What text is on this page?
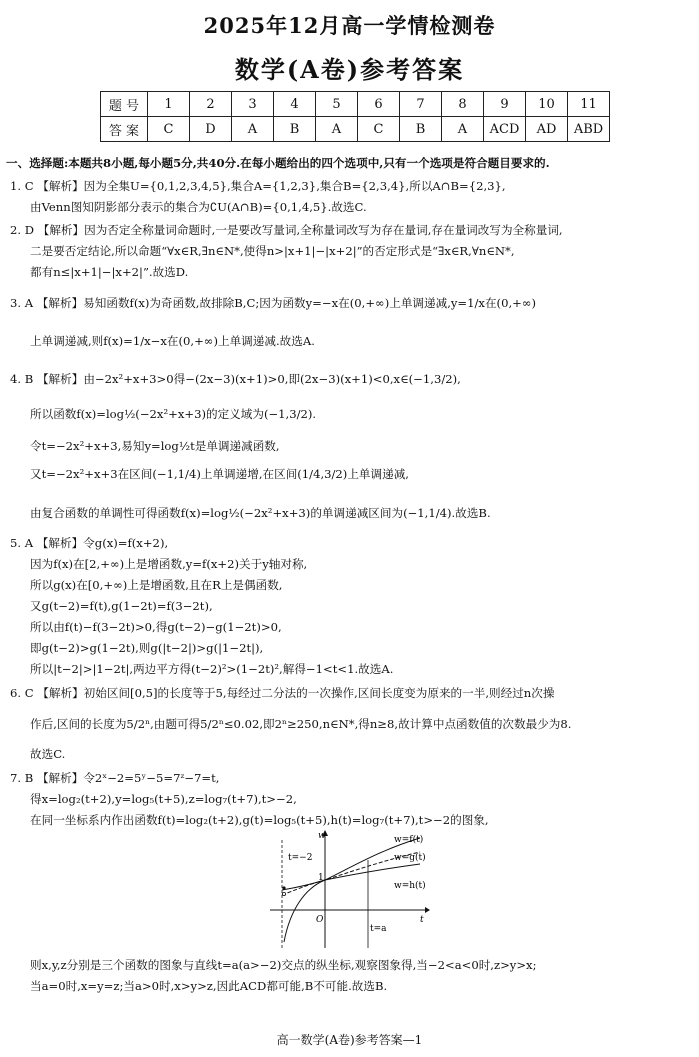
2025年12月高一学情检测卷
数学(A卷)参考答案
题 号	1	2	3	4	5	6	7	8	9	10	11
答 案	C	D	A	B	A	C	B	A	ACD	AD	ABD
一、选择题:本题共8小题,每小题5分,共40分.在每小题给出的四个选项中,只有一个选项是符合题目要求的.
1. C 【解析】因为全集U={0,1,2,3,4,5},集合A={1,2,3},集合B={2,3,4},所以A∩B={2,3},
由Venn图知阴影部分表示的集合为∁U(A∩B)={0,1,4,5}.故选C.
2. D 【解析】因为否定全称量词命题时,一是要改写量词,全称量词改写为存在量词,存在量词改写为全称量词,
二是要否定结论,所以命题“∀x∈R,∃n∈N*,使得n>|x+1|−|x+2|”的否定形式是“∃x∈R,∀n∈N*,
都有n≤|x+1|−|x+2|”.故选D.
3. A 【解析】易知函数f(x)为奇函数,故排除B,C;因为函数y=−x在(0,+∞)上单调递减,y=1/x在(0,+∞)
上单调递减,则f(x)=1/x−x在(0,+∞)上单调递减.故选A.
4. B 【解析】由−2x²+x+3>0得−(2x−3)(x+1)>0,即(2x−3)(x+1)<0,x∈(−1,3/2),
所以函数f(x)=log½(−2x²+x+3)的定义域为(−1,3/2).
令t=−2x²+x+3,易知y=log½t是单调递减函数,
又t=−2x²+x+3在区间(−1,1/4)上单调递增,在区间(1/4,3/2)上单调递减,
由复合函数的单调性可得函数f(x)=log½(−2x²+x+3)的单调递减区间为(−1,1/4).故选B.
5. A 【解析】令g(x)=f(x+2),
因为f(x)在[2,+∞)上是增函数,y=f(x+2)关于y轴对称,
所以g(x)在[0,+∞)上是增函数,且在R上是偶函数,
又g(t−2)=f(t),g(1−2t)=f(3−2t),
所以由f(t)−f(3−2t)>0,得g(t−2)−g(1−2t)>0,
即g(t−2)>g(1−2t),则g(|t−2|)>g(|1−2t|),
所以|t−2|>|1−2t|,两边平方得(t−2)²>(1−2t)²,解得−1<t<1.故选A.
6. C 【解析】初始区间[0,5]的长度等于5,每经过二分法的一次操作,区间长度变为原来的一半,则经过n次操
作后,区间的长度为5/2ⁿ,由题可得5/2ⁿ≤0.02,即2ⁿ≥250,n∈N*,得n≥8,故计算中点函数值的次数最少为8.
故选C.
7. B 【解析】令2ˣ−2=5ʸ−5=7ᶻ−7=t,
得x=log₂(t+2),y=log₅(t+5),z=log₇(t+7),t>−2,
在同一坐标系内作出函数f(t)=log₂(t+2),g(t)=log₅(t+5),h(t)=log₇(t+7),t>−2的图象,
则x,y,z分别是三个函数的图象与直线t=a(a>−2)交点的纵坐标,观察图象得,当−2<a<0时,z>y>x;
当a=0时,x=y=z;当a>0时,x>y>z,因此ACD都可能,B不可能.故选B.
t=−2
t=a
w=f(t)
w=g(t)
w=h(t)
w
t
O
1
高一数学(A卷)参考答案—1
